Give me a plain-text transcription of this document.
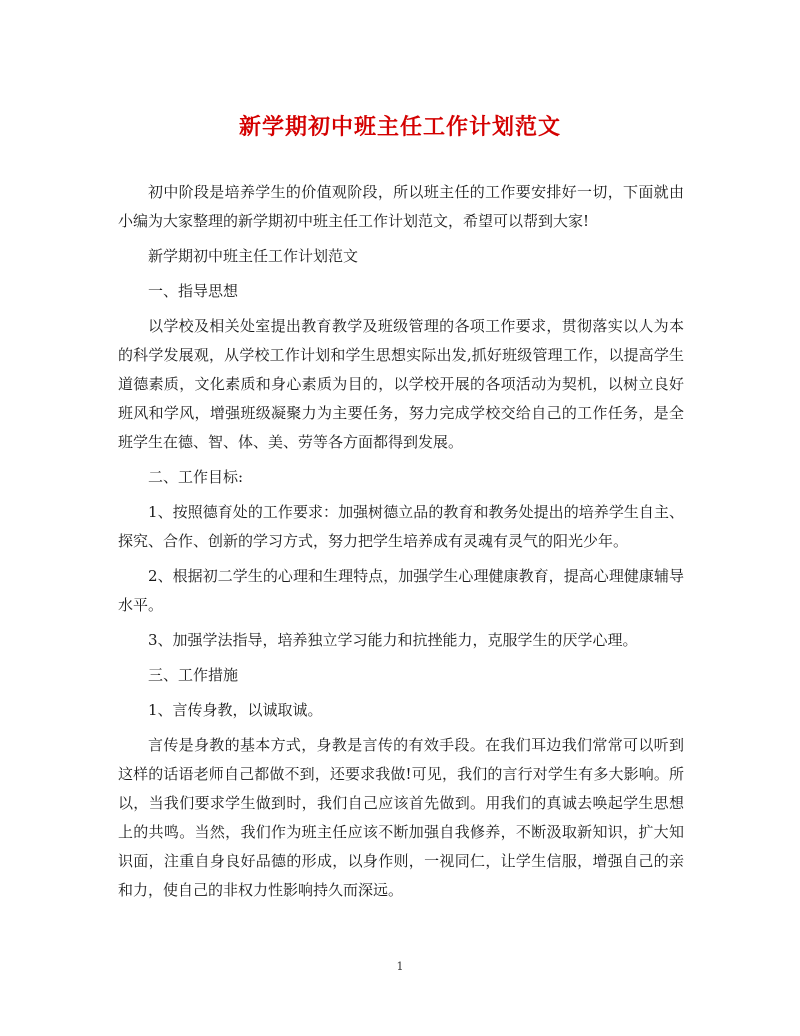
新学期初中班主任工作计划范文

初中阶段是培养学生的价值观阶段，所以班主任的工作要安排好一切，下面就由小编为大家整理的新学期初中班主任工作计划范文，希望可以帮到大家!

新学期初中班主任工作计划范文

一、指导思想

以学校及相关处室提出教育教学及班级管理的各项工作要求，贯彻落实以人为本的科学发展观，从学校工作计划和学生思想实际出发,抓好班级管理工作，以提高学生道德素质，文化素质和身心素质为目的，以学校开展的各项活动为契机，以树立良好班风和学风，增强班级凝聚力为主要任务，努力完成学校交给自己的工作任务，是全班学生在德、智、体、美、劳等各方面都得到发展。

二、工作目标:

1、按照德育处的工作要求：加强树德立品的教育和教务处提出的培养学生自主、探究、合作、创新的学习方式，努力把学生培养成有灵魂有灵气的阳光少年。

2、根据初二学生的心理和生理特点，加强学生心理健康教育，提高心理健康辅导水平。

3、加强学法指导，培养独立学习能力和抗挫能力，克服学生的厌学心理。

三、工作措施

1、言传身教，以诚取诚。

言传是身教的基本方式，身教是言传的有效手段。在我们耳边我们常常可以听到这样的话语老师自己都做不到，还要求我做!可见，我们的言行对学生有多大影响。所以，当我们要求学生做到时，我们自己应该首先做到。用我们的真诚去唤起学生思想上的共鸣。当然，我们作为班主任应该不断加强自我修养，不断汲取新知识，扩大知识面，注重自身良好品德的形成，以身作则，一视同仁，让学生信服，增强自己的亲和力，使自己的非权力性影响持久而深远。

1
